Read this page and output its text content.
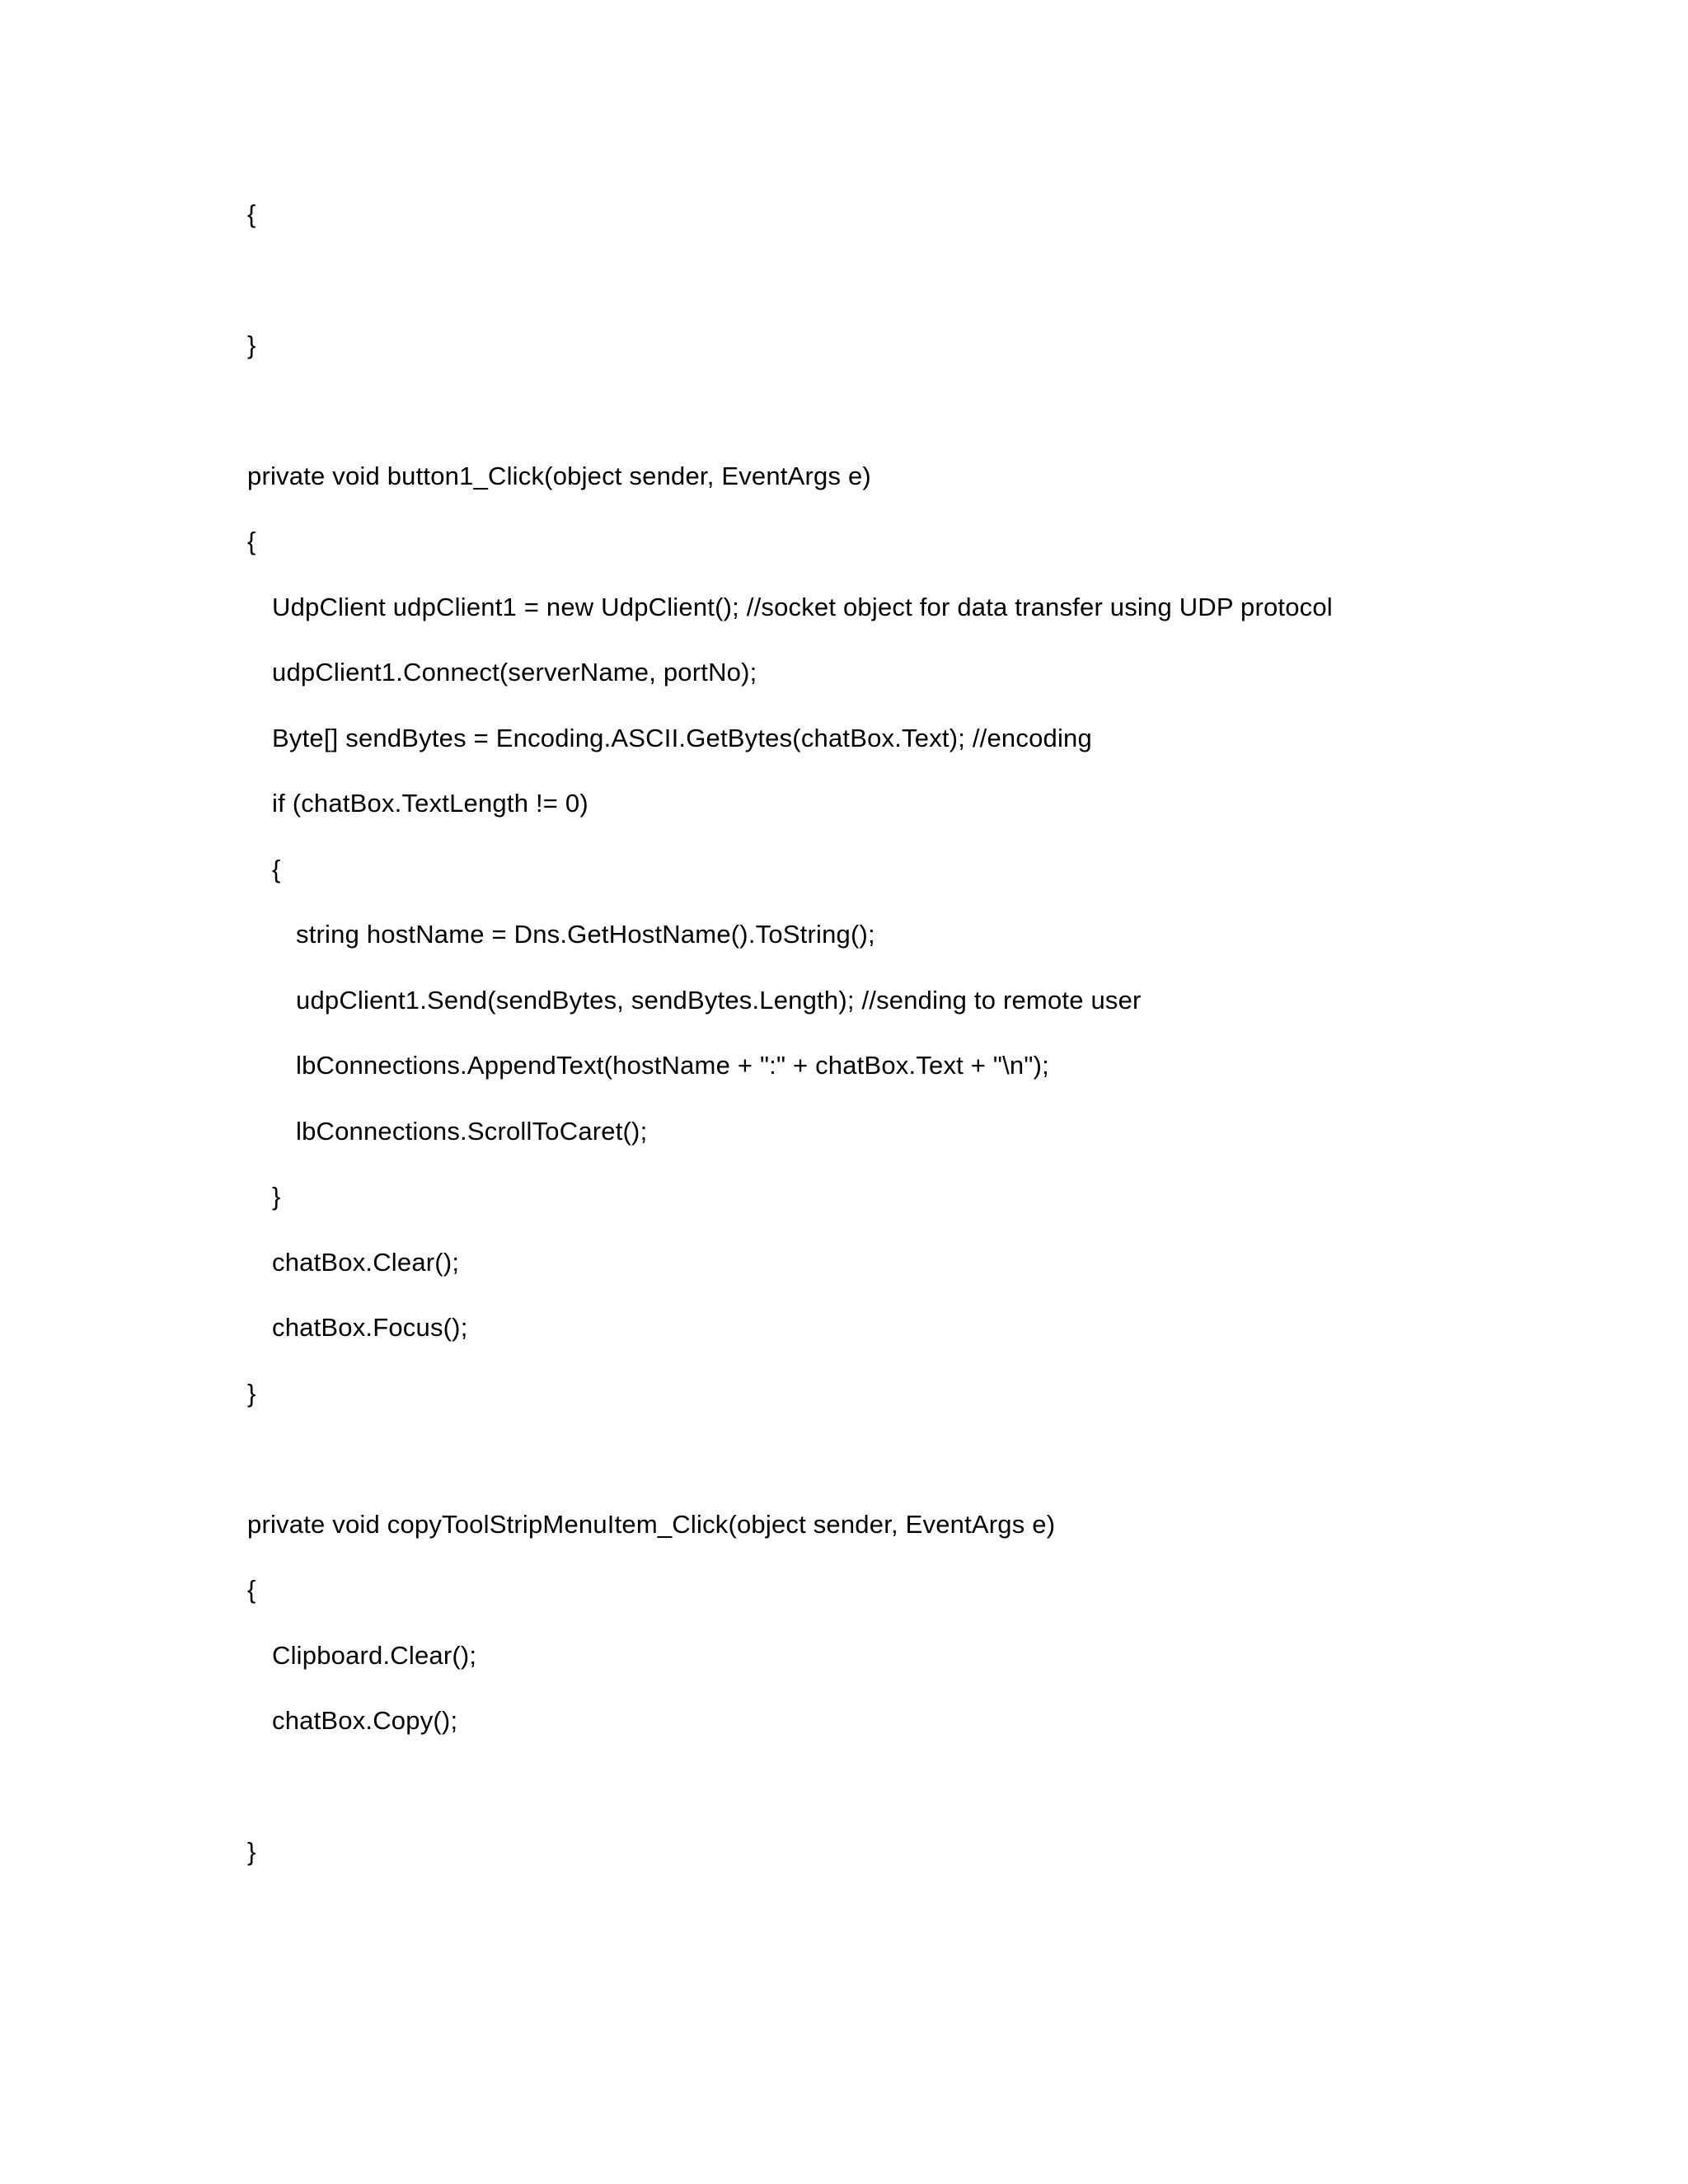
{
}
private void button1_Click(object sender, EventArgs e)
{
UdpClient udpClient1 = new UdpClient(); //socket object for data transfer using UDP protocol
udpClient1.Connect(serverName, portNo);
Byte[] sendBytes = Encoding.ASCII.GetBytes(chatBox.Text); //encoding
if (chatBox.TextLength != 0)
{
string hostName = Dns.GetHostName().ToString();
udpClient1.Send(sendBytes, sendBytes.Length); //sending to remote user
lbConnections.AppendText(hostName + ":" + chatBox.Text + "\n");
lbConnections.ScrollToCaret();
}
chatBox.Clear();
chatBox.Focus();
}
private void copyToolStripMenuItem_Click(object sender, EventArgs e)
{
Clipboard.Clear();
chatBox.Copy();
}
